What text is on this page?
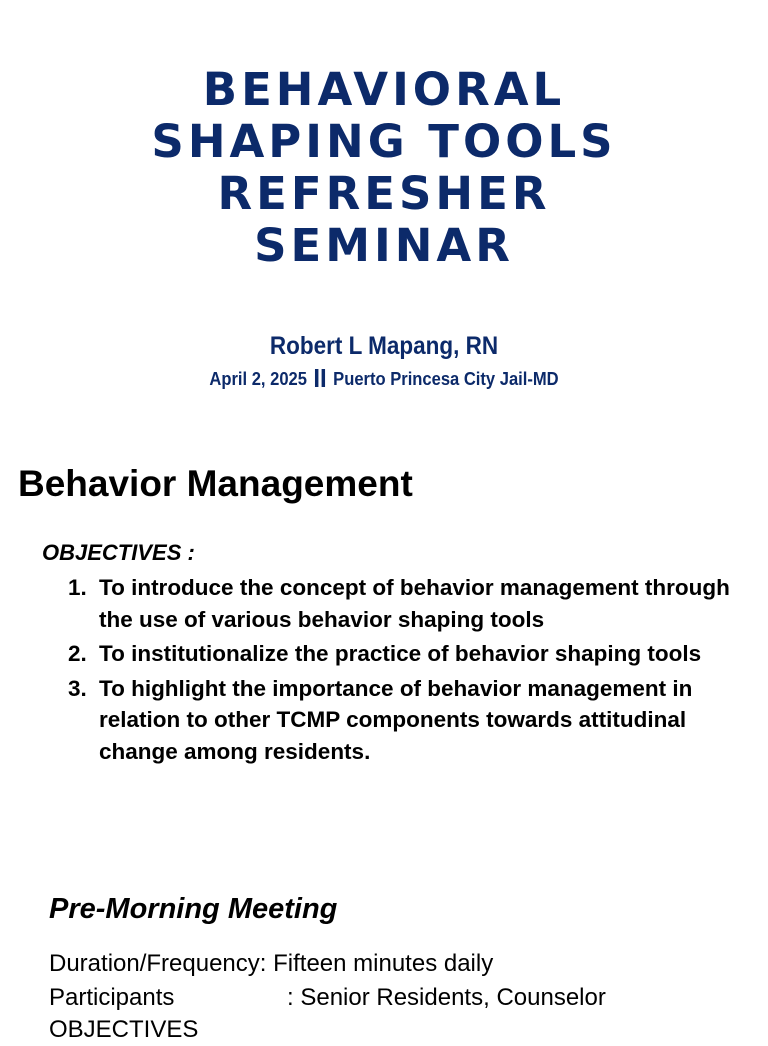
BEHAVIORAL
SHAPING TOOLS
REFRESHER
SEMINAR
Robert L Mapang, RN
April 2, 2025 II Puerto Princesa City Jail-MD
Behavior Management
OBJECTIVES :
1. To introduce the concept of behavior management through the use of various behavior shaping tools
2. To institutionalize the practice of behavior shaping tools
3. To highlight the importance of behavior management in relation to other TCMP components towards attitudinal change among residents.
Pre-Morning Meeting
Duration/Frequency: Fifteen minutes daily
Participants	: Senior Residents, Counselor
OBJECTIVES
